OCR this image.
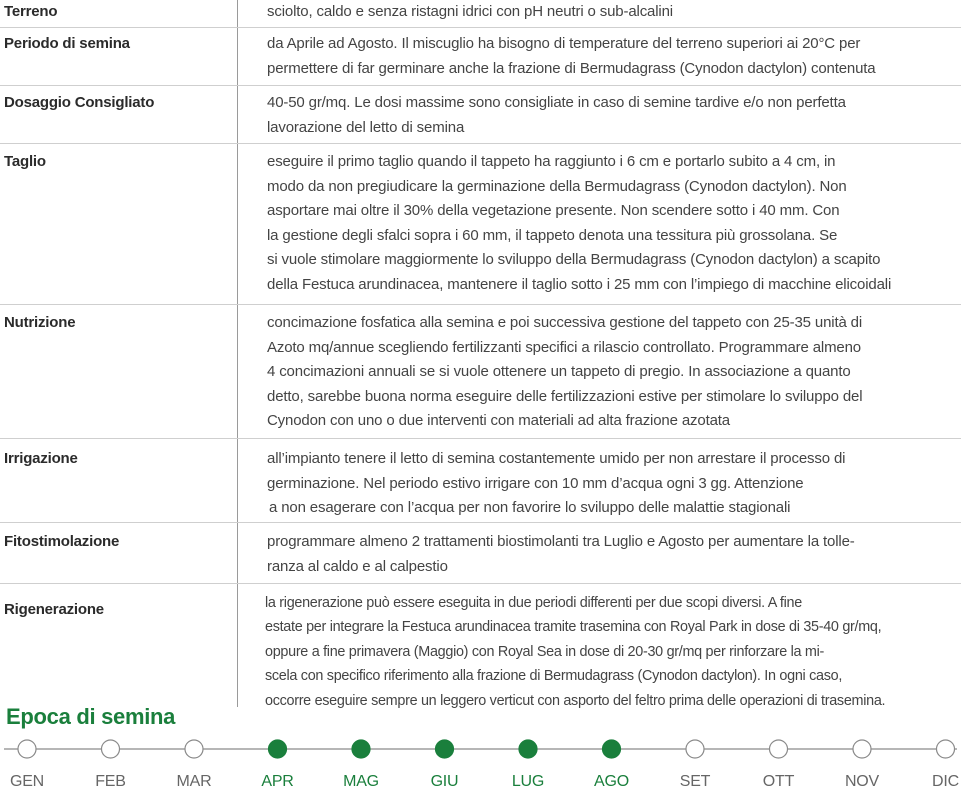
Terreno	sciolto, caldo e senza ristagni idrici con pH neutri o sub-alcalini
Periodo di semina	da Aprile ad Agosto. Il miscuglio ha bisogno di temperature del terreno superiori ai 20°C per
permettere di far germinare anche la frazione di Bermudagrass (Cynodon dactylon) contenuta
Dosaggio Consigliato	40-50 gr/mq. Le dosi massime sono consigliate in caso di semine tardive e/o non perfetta
lavorazione del letto di semina
Taglio	eseguire il primo taglio quando il tappeto ha raggiunto i 6 cm e portarlo subito a 4 cm, in
modo da non pregiudicare la germinazione della Bermudagrass (Cynodon dactylon). Non
asportare mai oltre il 30% della vegetazione presente. Non scendere sotto i 40 mm. Con
la gestione degli sfalci sopra i 60 mm, il tappeto denota una tessitura più grossolana. Se
si vuole stimolare maggiormente lo sviluppo della Bermudagrass (Cynodon dactylon) a scapito
della Festuca arundinacea, mantenere il taglio sotto i 25 mm con l’impiego di macchine elicoidali
Nutrizione	concimazione fosfatica alla semina e poi successiva gestione del tappeto con 25-35 unità di
Azoto mq/annue scegliendo fertilizzanti specifici a rilascio controllato. Programmare almeno
4 concimazioni annuali se si vuole ottenere un tappeto di pregio. In associazione a quanto
detto, sarebbe buona norma eseguire delle fertilizzazioni estive per stimolare lo sviluppo del
Cynodon con uno o due interventi con materiali ad alta frazione azotata
Irrigazione	all’impianto tenere il letto di semina costantemente umido per non arrestare il processo di
germinazione. Nel periodo estivo irrigare con 10 mm d’acqua ogni 3 gg. Attenzione
a non esagerare con l’acqua per non favorire lo sviluppo delle malattie stagionali
Fitostimolazione	programmare almeno 2 trattamenti biostimolanti tra Luglio e Agosto per aumentare la tolle-
ranza al caldo e al calpestio
Rigenerazione	la rigenerazione può essere eseguita in due periodi differenti per due scopi diversi. A fine
estate per integrare la Festuca arundinacea tramite trasemina con Royal Park in dose di 35-40 gr/mq,
oppure a fine primavera (Maggio) con Royal Sea in dose di 20-30 gr/mq per rinforzare la mi-
scela con specifico riferimento alla frazione di Bermudagrass (Cynodon dactylon). In ogni caso,
occorre eseguire sempre un leggero verticut con asporto del feltro prima delle operazioni di trasemina.
Epoca di semina
GEN	FEB	MAR	APR	MAG	GIU	LUG	AGO	SET	OTT	NOV	DIC
